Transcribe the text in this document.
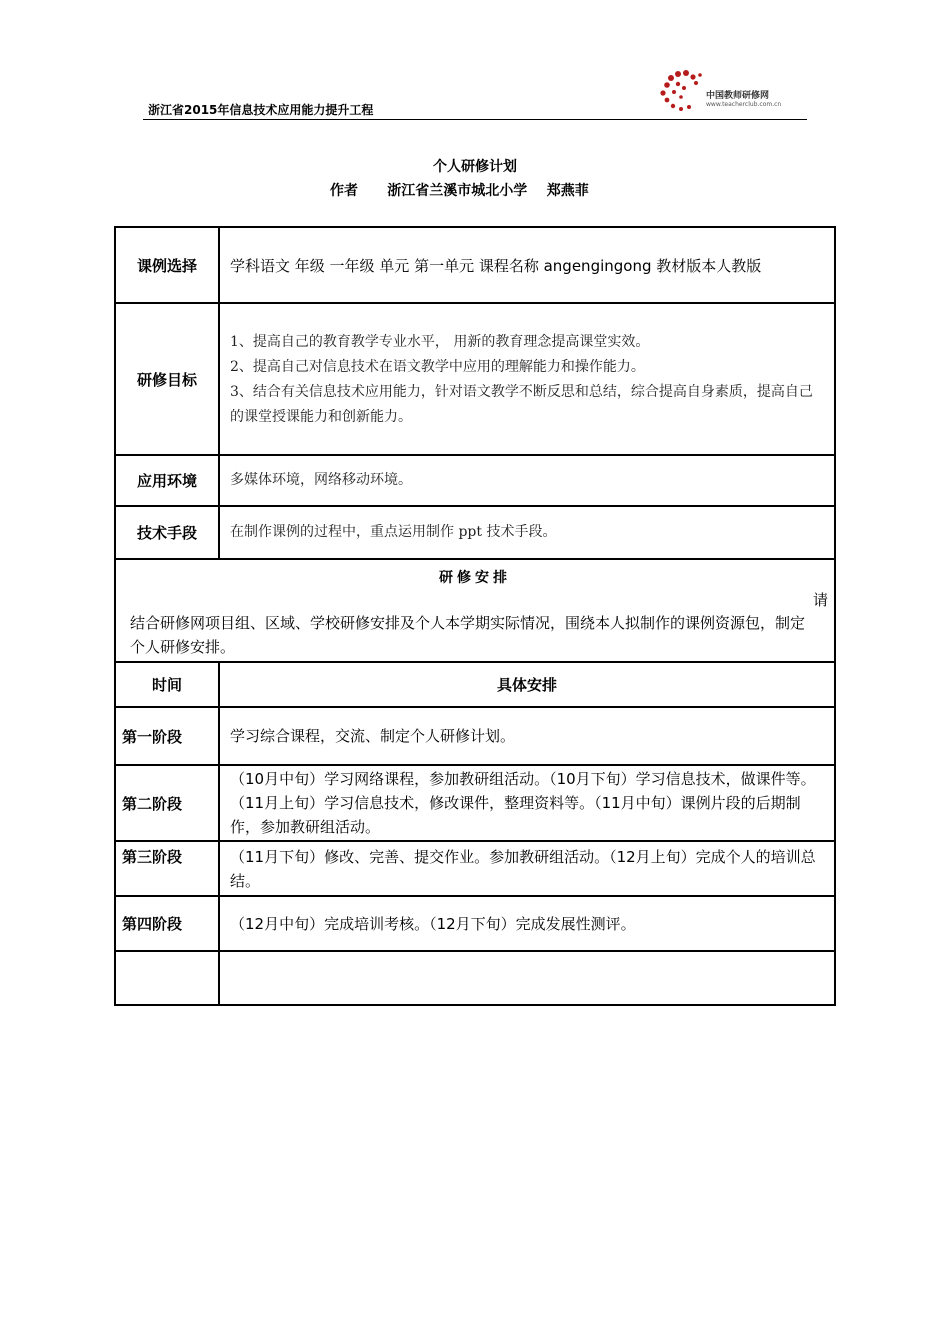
浙江省2015年信息技术应用能力提升工程
中国教师研修网
www.teacherclub.com.cn
个人研修计划
作者      浙江省兰溪市城北小学    郑燕菲
课例选择	学科语文 年级 一年级 单元 第一单元 课程名称 angengingong 教材版本人教版
研修目标	1、提高自己的教育教学专业水平， 用新的教育理念提高课堂实效。
2、提高自己对信息技术在语文教学中应用的理解能力和操作能力。
3、结合有关信息技术应用能力，针对语文教学不断反思和总结，综合提高自身素质，提高自己的课堂授课能力和创新能力。

应用环境	多媒体环境，网络移动环境。
技术手段	在制作课例的过程中，重点运用制作 ppt 技术手段。

研修安排
请
结合研修网项目组、区域、学校研修安排及个人本学期实际情况，围绕本人拟制作的课例资源包，制定个人研修安排。	

时间	具体安排
第一阶段	学习综合课程，交流、制定个人研修计划。
第二阶段	（10月中旬）学习网络课程，参加教研组活动。（10月下旬）学习信息技术，做课件等。（11月上旬）学习信息技术，修改课件，整理资料等。（11月中旬）课例片段的后期制作，参加教研组活动。
第三阶段	（11月下旬）修改、完善、提交作业。参加教研组活动。（12月上旬）完成个人的培训总结。
第四阶段	（12月中旬）完成培训考核。（12月下旬）完成发展性测评。
